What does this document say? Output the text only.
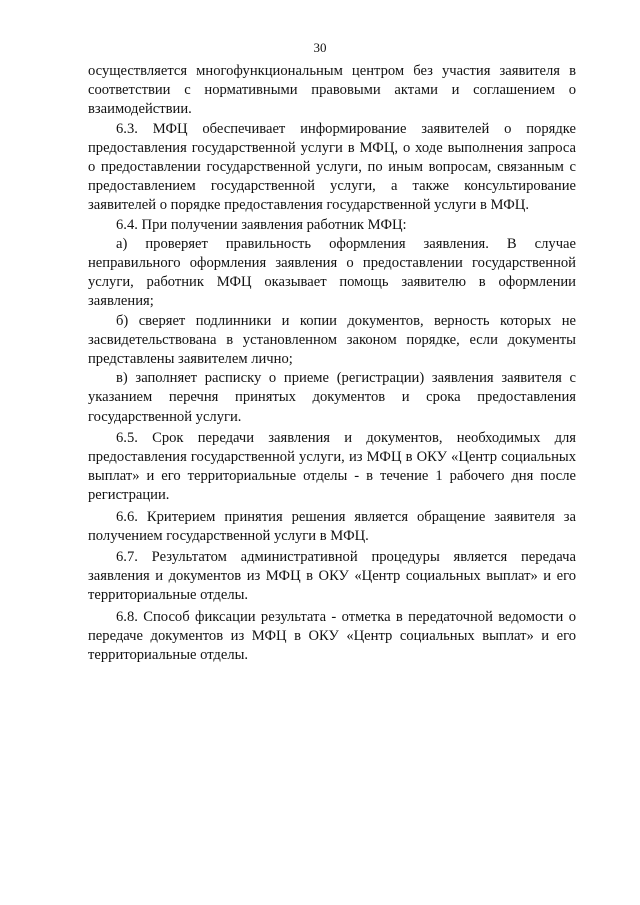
30

осуществляется многофункциональным центром без участия заявителя в соответствии с нормативными правовыми актами и соглашением о взаимодействии.

6.3. МФЦ обеспечивает информирование заявителей о порядке предоставления государственной услуги в МФЦ, о ходе выполнения запроса о предоставлении государственной услуги, по иным вопросам, связанным с предоставлением государственной услуги, а также консультирование заявителей о порядке предоставления государственной услуги в МФЦ.

6.4. При получении заявления работник МФЦ:

а) проверяет правильность оформления заявления. В случае неправильного оформления заявления о предоставлении государственной услуги, работник МФЦ оказывает помощь заявителю в оформлении заявления;

б) сверяет подлинники и копии документов, верность которых не засвидетельствована в установленном законом порядке, если документы представлены заявителем лично;

в) заполняет расписку о приеме (регистрации) заявления заявителя с указанием перечня принятых документов и срока предоставления государственной услуги.

6.5. Срок передачи заявления и документов, необходимых для предоставления государственной услуги, из МФЦ в ОКУ «Центр социальных выплат» и его территориальные отделы - в течение 1 рабочего дня после регистрации.

6.6. Критерием принятия решения является обращение заявителя за получением государственной услуги в МФЦ.

6.7. Результатом административной процедуры является передача заявления и документов из МФЦ в ОКУ «Центр социальных выплат» и его территориальные отделы.

6.8. Способ фиксации результата - отметка в передаточной ведомости о передаче документов из МФЦ в ОКУ «Центр социальных выплат» и его территориальные отделы.
